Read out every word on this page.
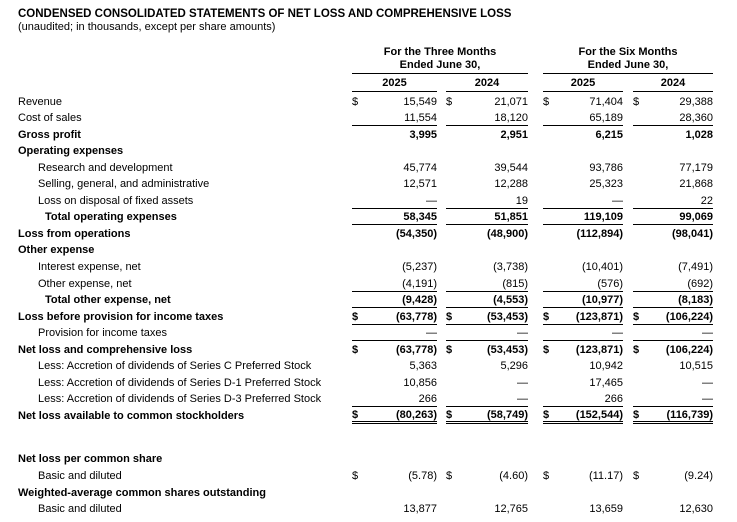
CONDENSED CONSOLIDATED STATEMENTS OF NET LOSS AND COMPREHENSIVE LOSS
(unaudited; in thousands, except per share amounts)
For the Three Months
Ended June 30,
For the Six Months
Ended June 30,
2025	2024	2025	2024
Revenue	$	15,549 $	21,071 $	71,404 $	29,388
Cost of sales	11,554	18,120	65,189	28,360
Gross profit	3,995	2,951	6,215	1,028
Operating expenses
Research and development	45,774	39,544	93,786	77,179
Selling, general, and administrative	12,571	12,288	25,323	21,868
Loss on disposal of fixed assets	—	19	—	22
Total operating expenses	58,345	51,851	119,109	99,069
Loss from operations	(54,350)	(48,900)	(112,894)	(98,041)
Other expense
Interest expense, net	(5,237)	(3,738)	(10,401)	(7,491)
Other expense, net	(4,191)	(815)	(576)	(692)
Total other expense, net	(9,428)	(4,553)	(10,977)	(8,183)
Loss before provision for income taxes	$	(63,778) $	(53,453) $ (123,871) $ (106,224)
Provision for income taxes	—	—	—	—
Net loss and comprehensive loss	$	(63,778) $	(53,453) $ (123,871) $ (106,224)
Less: Accretion of dividends of Series C Preferred Stock	5,363	5,296	10,942	10,515
Less: Accretion of dividends of Series D-1 Preferred Stock	10,856	—	17,465	—
Less: Accretion of dividends of Series D-3 Preferred Stock	266	—	266	—
Net loss available to common stockholders	$	(80,263) $	(58,749) $ (152,544) $ (116,739)
Net loss per common share
Basic and diluted	$	(5.78) $	(4.60) $	(11.17) $	(9.24)
Weighted-average common shares outstanding
Basic and diluted	13,877	12,765	13,659	12,630
